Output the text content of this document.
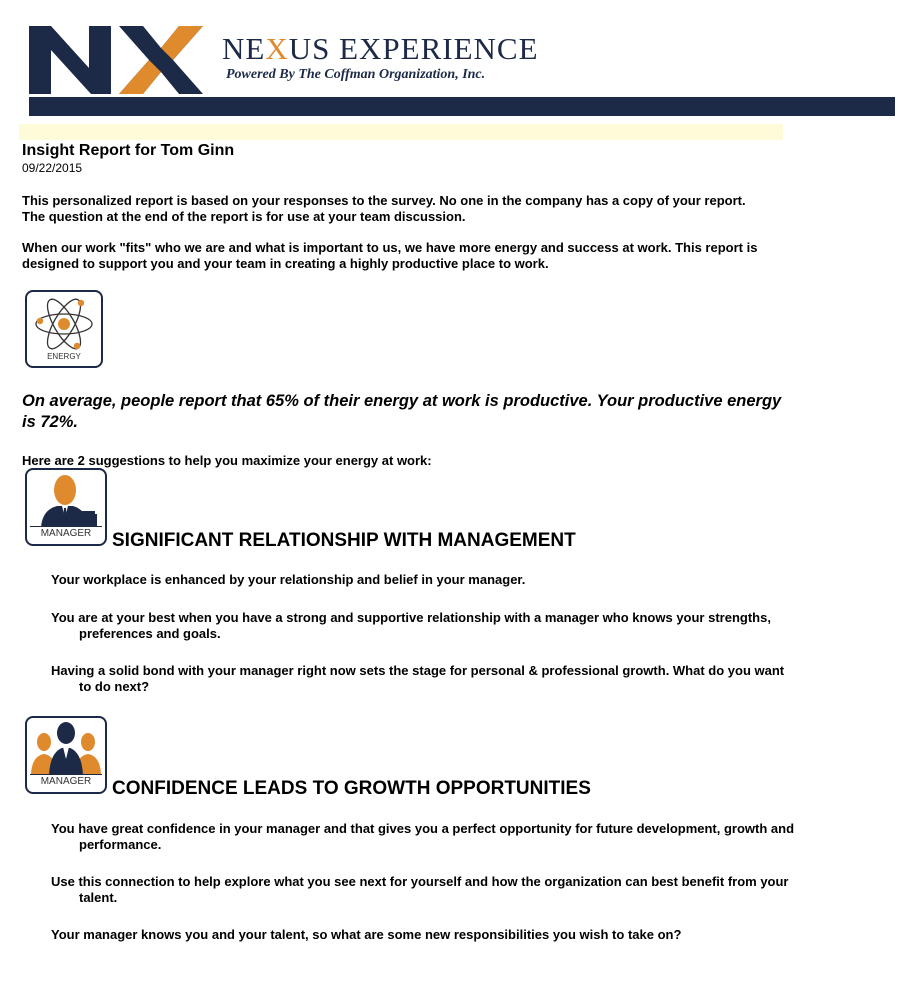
NEXUS EXPERIENCE
Powered By The Coffman Organization, Inc.
Insight Report for Tom Ginn
09/22/2015
This personalized report is based on your responses to the survey. No one in the company has a copy of your report. The question at the end of the report is for use at your team discussion.
When our work "fits" who we are and what is important to us, we have more energy and success at work. This report is designed to support you and your team in creating a highly productive place to work.
ENERGY
On average, people report that 65% of their energy at work is productive. Your productive energy is 72%.
Here are 2 suggestions to help you maximize your energy at work:
MANAGER	SIGNIFICANT RELATIONSHIP WITH MANAGEMENT
Your workplace is enhanced by your relationship and belief in your manager.
You are at your best when you have a strong and supportive relationship with a manager who knows your strengths, preferences and goals.
Having a solid bond with your manager right now sets the stage for personal & professional growth. What do you want to do next?
MANAGER	CONFIDENCE LEADS TO GROWTH OPPORTUNITIES
You have great confidence in your manager and that gives you a perfect opportunity for future development, growth and performance.
Use this connection to help explore what you see next for yourself and how the organization can best benefit from your talent.
Your manager knows you and your talent, so what are some new responsibilities you wish to take on?
